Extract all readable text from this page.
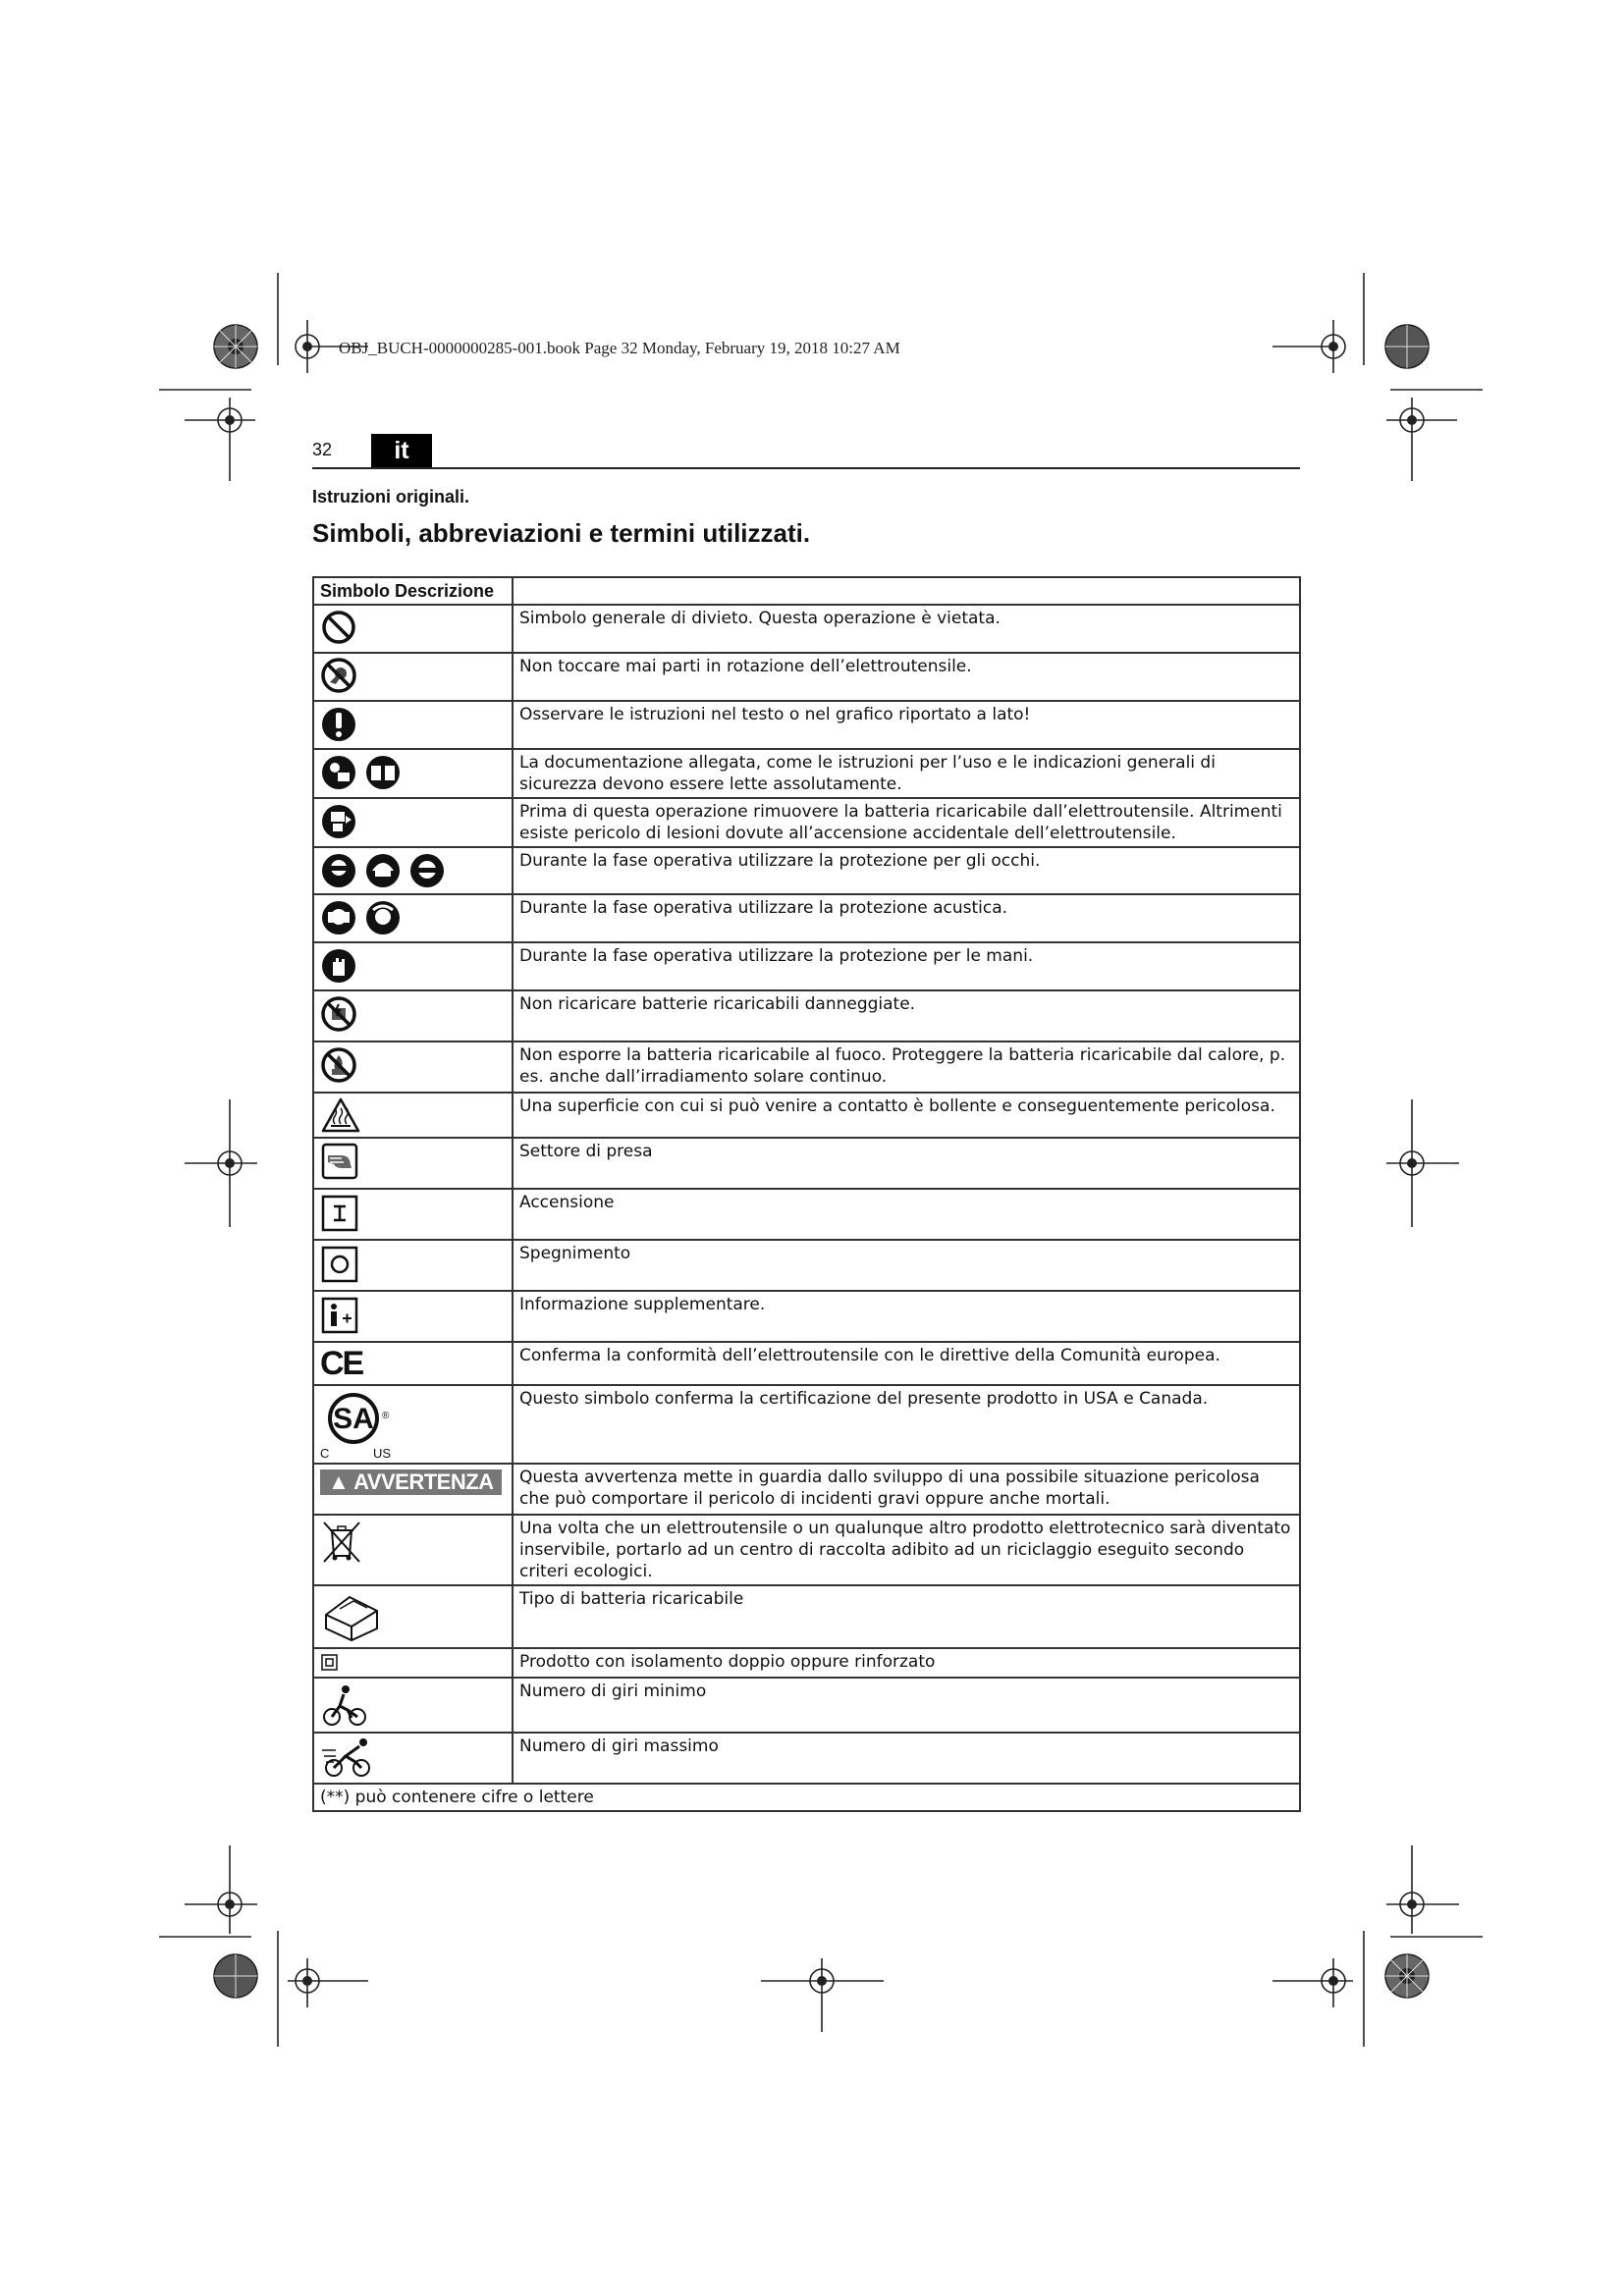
OBJ_BUCH-0000000285-001.book Page 32 Monday, February 19, 2018 10:27 AM
32	it
Istruzioni originali.
Simboli, abbreviazioni e termini utilizzati.
Simbolo Descrizione	
	Simbolo generale di divieto. Questa operazione è vietata.
	Non toccare mai parti in rotazione dell’elettroutensile.
	Osservare le istruzioni nel testo o nel grafico riportato a lato!
	La documentazione allegata, come le istruzioni per l’uso e le indicazioni generali di sicurezza devono essere lette assolutamente.
	Prima di questa operazione rimuovere la batteria ricaricabile dall’elettroutensile. Altrimenti esiste pericolo di lesioni dovute all’accensione accidentale dell’elettroutensile.
	Durante la fase operativa utilizzare la protezione per gli occhi.
	Durante la fase operativa utilizzare la protezione acustica.
	Durante la fase operativa utilizzare la protezione per le mani.
	Non ricaricare batterie ricaricabili danneggiate.
	Non esporre la batteria ricaricabile al fuoco. Proteggere la batteria ricaricabile dal calore, p. es. anche dall’irradiamento solare continuo.
	Una superficie con cui si può venire a contatto è bollente e conseguentemente pericolosa.
	Settore di presa
	Accensione
	Spegnimento
	Informazione supplementare.
CE	Conferma la conformità dell’elettroutensile con le direttive della Comunità europea.

SA ®
C US	Questo simbolo conferma la certificazione del presente prodotto in USA e Canada.
▲ AVVERTENZA	Questa avvertenza mette in guardia dallo sviluppo di una possibile situazione pericolosa che può comportare il pericolo di incidenti gravi oppure anche mortali.
	Una volta che un elettroutensile o un qualunque altro prodotto elettrotecnico sarà diventato inservibile, portarlo ad un centro di raccolta adibito ad un riciclaggio eseguito secondo criteri ecologici.
	Tipo di batteria ricaricabile
	Prodotto con isolamento doppio oppure rinforzato
	Numero di giri minimo
	Numero di giri massimo
(**) può contenere cifre o lettere	
